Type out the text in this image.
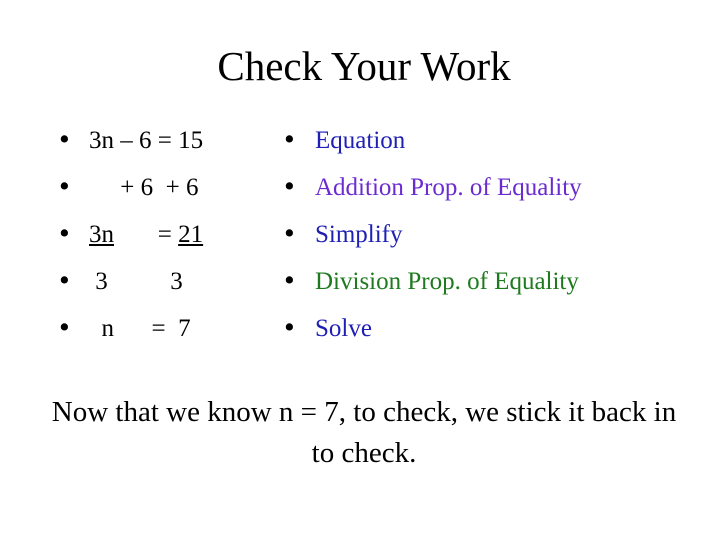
Check Your Work
• 3n – 6 = 15
• + 6  + 6
• 3n       = 21
• 3          3
• n      =  7
• Equation
• Addition Prop. of Equality
• Simplify
• Division Prop. of Equality
• Solve
Now that we know n = 7, to check, we stick it back in to check.
